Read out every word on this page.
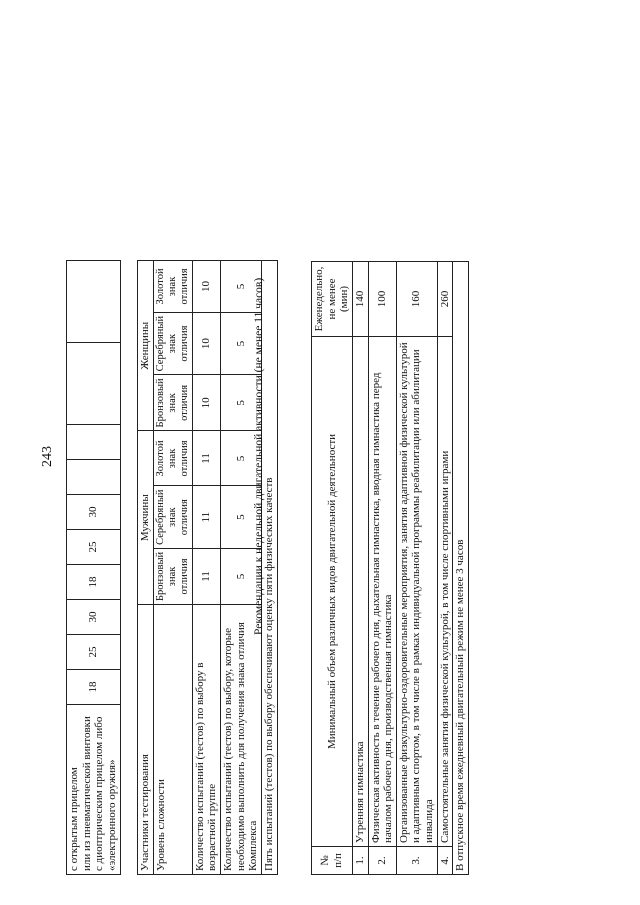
243
с открытым прицелом или из пневматической винтовки с диоптрическим прицелом либо «электронного оружия»
	18	25	30	18	25	30				
Участники тестирования	Мужчины			Женщины		
Уровень сложности	Бронзовый знак отличия	Серебряный знак отличия	Золотой знак отличия	Бронзовый знак отличия	Серебряный знак отличия	Золотой знак отличия
Количество испытаний (тестов) по выбору в возрастной группе	11	11	11	10	10	10
Количество испытаний (тестов) по выбору, которые необходимо выполнить для получения знака отличия Комплекса	5	5	5	5	5	5
Пять испытаний (тестов) по выбору обеспечивают оценку пяти физических качеств						
Рекомендации к недельной двигательной активности (не менее 11 часов)
№ п/п	Минимальный объем различных видов двигательной деятельности	Еженедельно, не менее (мин)
1.	Утренняя гимнастика	140
2.	Физическая активность в течение рабочего дня, дыхательная гимнастика, вводная гимнастика перед началом рабочего дня, производственная гимнастика	100
3.	Организованные физкультурно-оздоровительные мероприятия, занятия адаптивной физической культурой и адаптивным спортом, в том числе в рамках индивидуальной программы реабилитации или абилитации инвалида	160
4.	Самостоятельные занятия физической культурой, в том числе спортивными играми	260
В отпускное время ежедневный двигательный режим не менее 3 часов		
